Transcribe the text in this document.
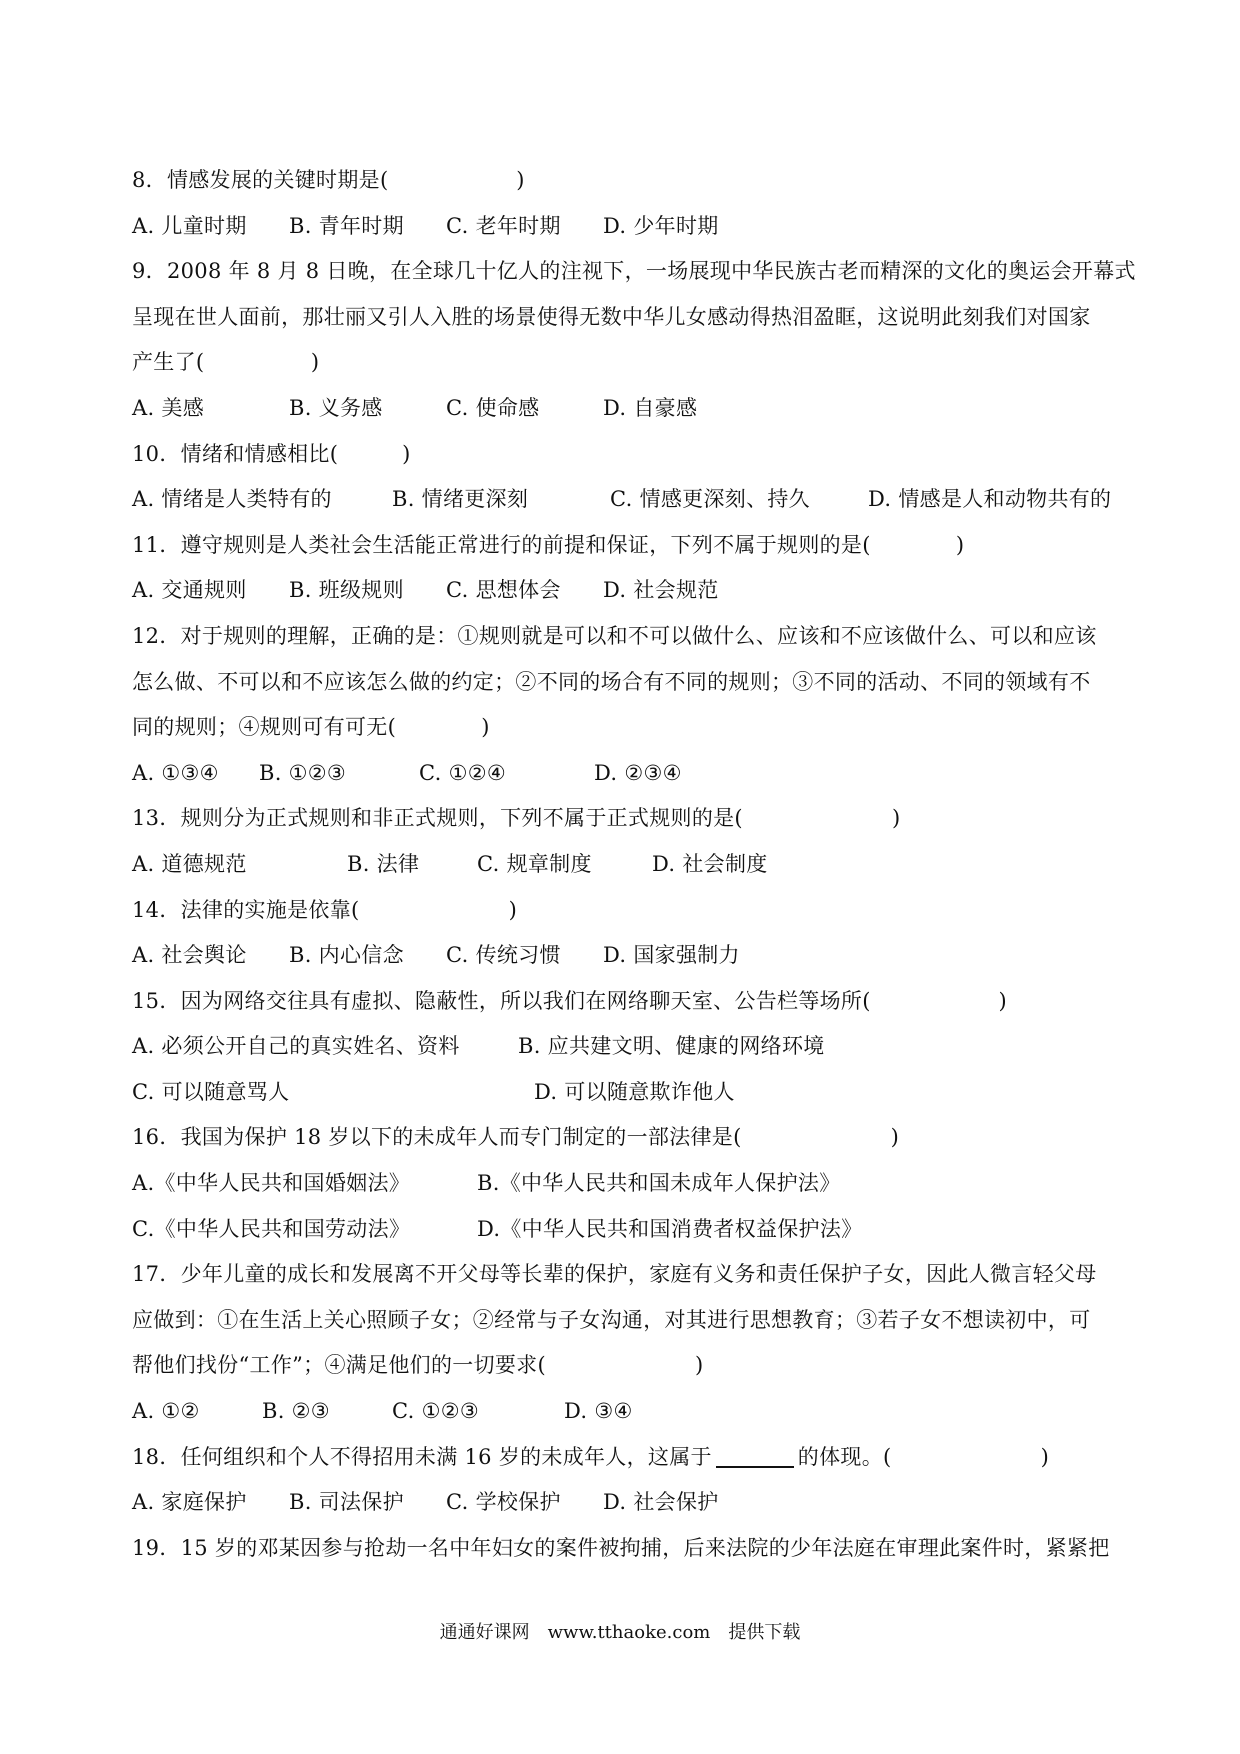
8．情感发展的关键时期是(　　　　　　)
A. 儿童时期 B. 青年时期 C. 老年时期 D. 少年时期
9．2008 年 8 月 8 日晚，在全球几十亿人的注视下，一场展现中华民族古老而精深的文化的奥运会开幕式
呈现在世人面前，那壮丽又引人入胜的场景使得无数中华儿女感动得热泪盈眶，这说明此刻我们对国家
产生了(　　　　　)
A. 美感	B. 义务感	C. 使命感	D. 自豪感
10．情绪和情感相比(　　　)
A. 情绪是人类特有的	B. 情绪更深刻	C. 情感更深刻、持久	D. 情感是人和动物共有的
11．遵守规则是人类社会生活能正常进行的前提和保证，下列不属于规则的是(　　　　)
A. 交通规则 B. 班级规则 C. 思想体会 D. 社会规范
12．对于规则的理解，正确的是：①规则就是可以和不可以做什么、应该和不应该做什么、可以和应该
怎么做、不可以和不应该怎么做的约定；②不同的场合有不同的规则；③不同的活动、不同的领域有不
同的规则；④规则可有可无(　　　　)
A. ①③④ B. ①②③	C. ①②④	D. ②③④
13．规则分为正式规则和非正式规则，下列不属于正式规则的是(　　　　　　　)
A. 道德规范	B. 法律	C. 规章制度	D. 社会制度
14．法律的实施是依靠(　　　　　　　)
A. 社会舆论 B. 内心信念 C. 传统习惯 D. 国家强制力
15．因为网络交往具有虚拟、隐蔽性，所以我们在网络聊天室、公告栏等场所(　　　　　　)
A. 必须公开自己的真实姓名、资料	B. 应共建文明、健康的网络环境
C. 可以随意骂人	D. 可以随意欺诈他人
16．我国为保护 18 岁以下的未成年人而专门制定的一部法律是(　　　　　　　)
A.《中华人民共和国婚姻法》	B.《中华人民共和国未成年人保护法》
C.《中华人民共和国劳动法》	D.《中华人民共和国消费者权益保护法》
17．少年儿童的成长和发展离不开父母等长辈的保护，家庭有义务和责任保护子女，因此人微言轻父母
应做到：①在生活上关心照顾子女；②经常与子女沟通，对其进行思想教育；③若子女不想读初中，可
帮他们找份“工作”；④满足他们的一切要求(　　　　　　　)
A. ①②	B. ②③	C. ①②③	D. ③④
18．任何组织和个人不得招用未满 16 岁的未成年人，这属于	的体现。(　　　　　　　)
A. 家庭保护 B. 司法保护 C. 学校保护 D. 社会保护
19．15 岁的邓某因参与抢劫一名中年妇女的案件被拘捕，后来法院的少年法庭在审理此案件时，紧紧把
通通好课网　www.tthaoke.com　提供下载
